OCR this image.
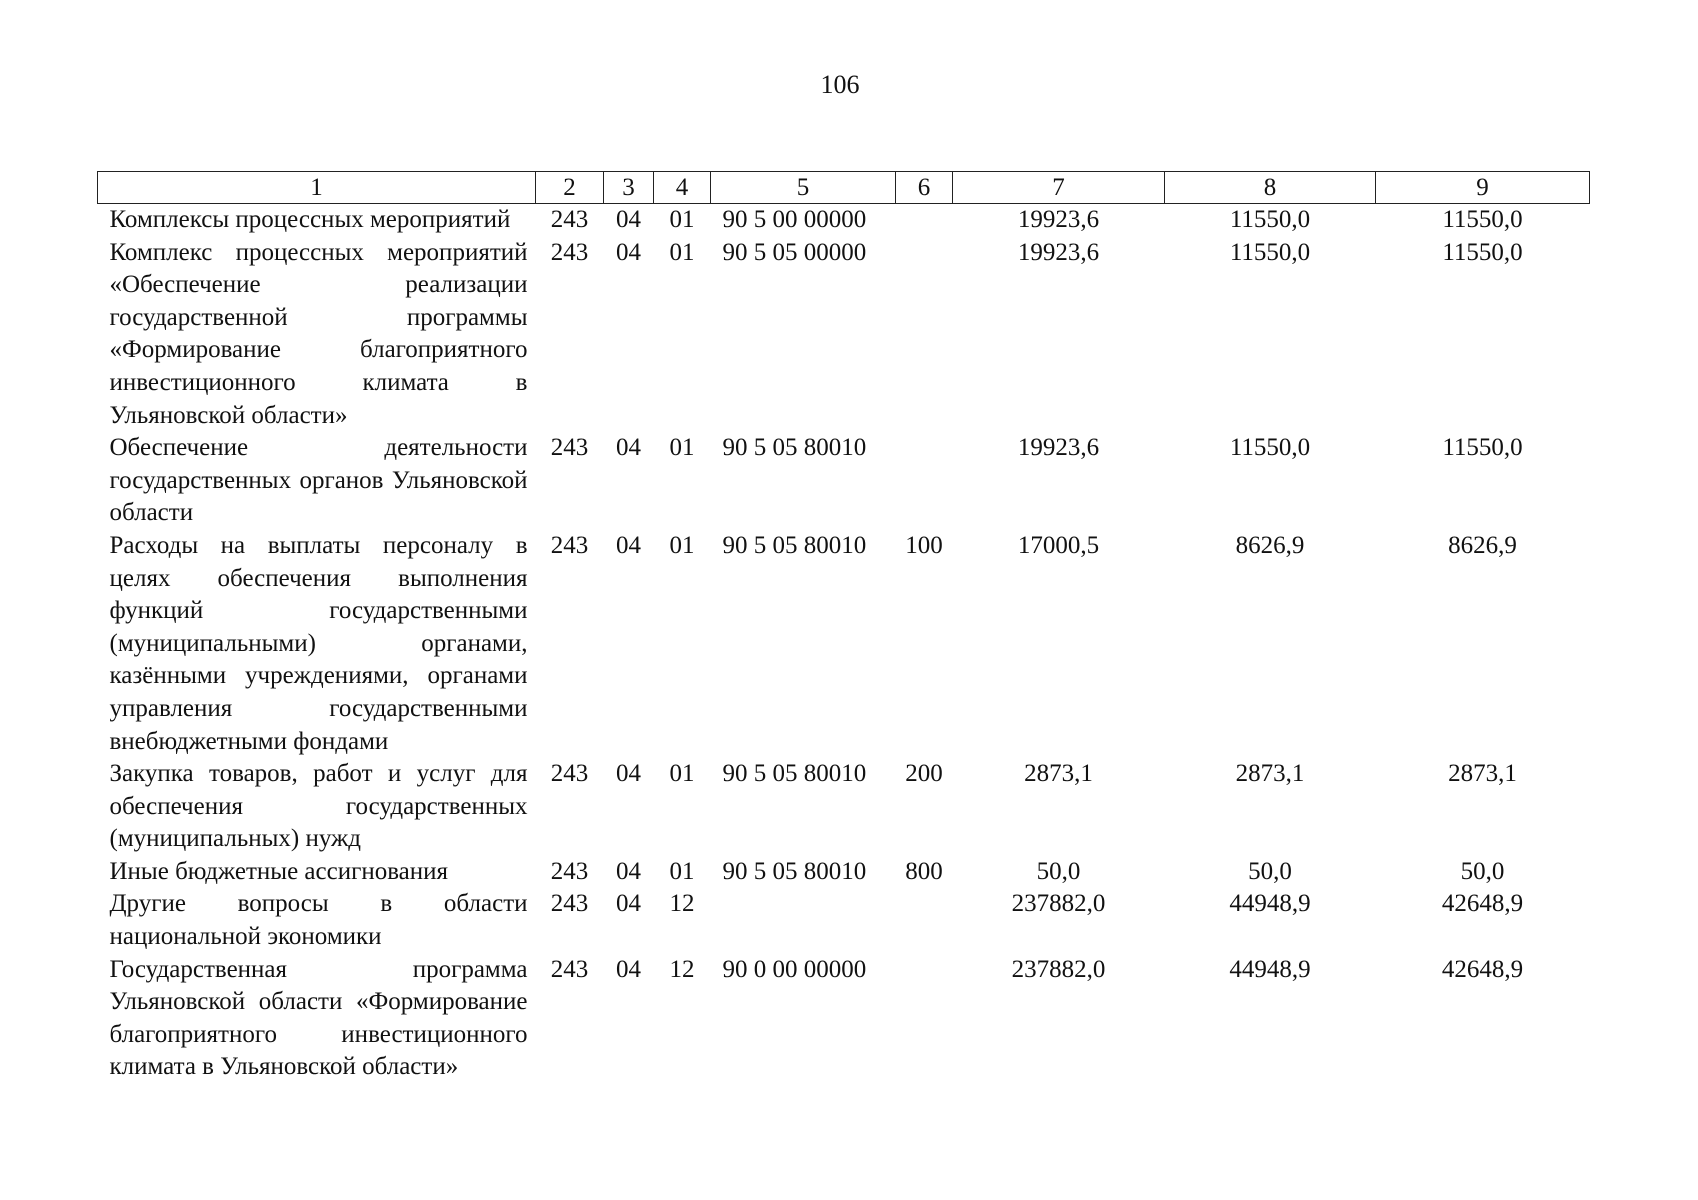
106
1	2	3	4	5	6	7	8	9
Комплексы процессных мероприятий	243	04	01	90 5 00 00000		19923,6	11550,0	11550,0
Комплекс процессных мероприятий «Обеспечение реализации государственной программы «Формирование благоприятного инвестиционного климата в Ульяновской области»	243	04	01	90 5 05 00000		19923,6	11550,0	11550,0
Обеспечение деятельности государственных органов Ульяновской области	243	04	01	90 5 05 80010		19923,6	11550,0	11550,0
Расходы на выплаты персоналу в целях обеспечения выполнения функций государственными (муниципальными) органами, казёнными учреждениями, органами управления государственными внебюджетными фондами	243	04	01	90 5 05 80010	100	17000,5	8626,9	8626,9
Закупка товаров, работ и услуг для обеспечения государственных (муниципальных) нужд	243	04	01	90 5 05 80010	200	2873,1	2873,1	2873,1
Иные бюджетные ассигнования	243	04	01	90 5 05 80010	800	50,0	50,0	50,0
Другие вопросы в области национальной экономики	243	04	12			237882,0	44948,9	42648,9
Государственная программа Ульяновской области «Формирование благоприятного инвестиционного климата в Ульяновской области»	243	04	12	90 0 00 00000		237882,0	44948,9	42648,9
